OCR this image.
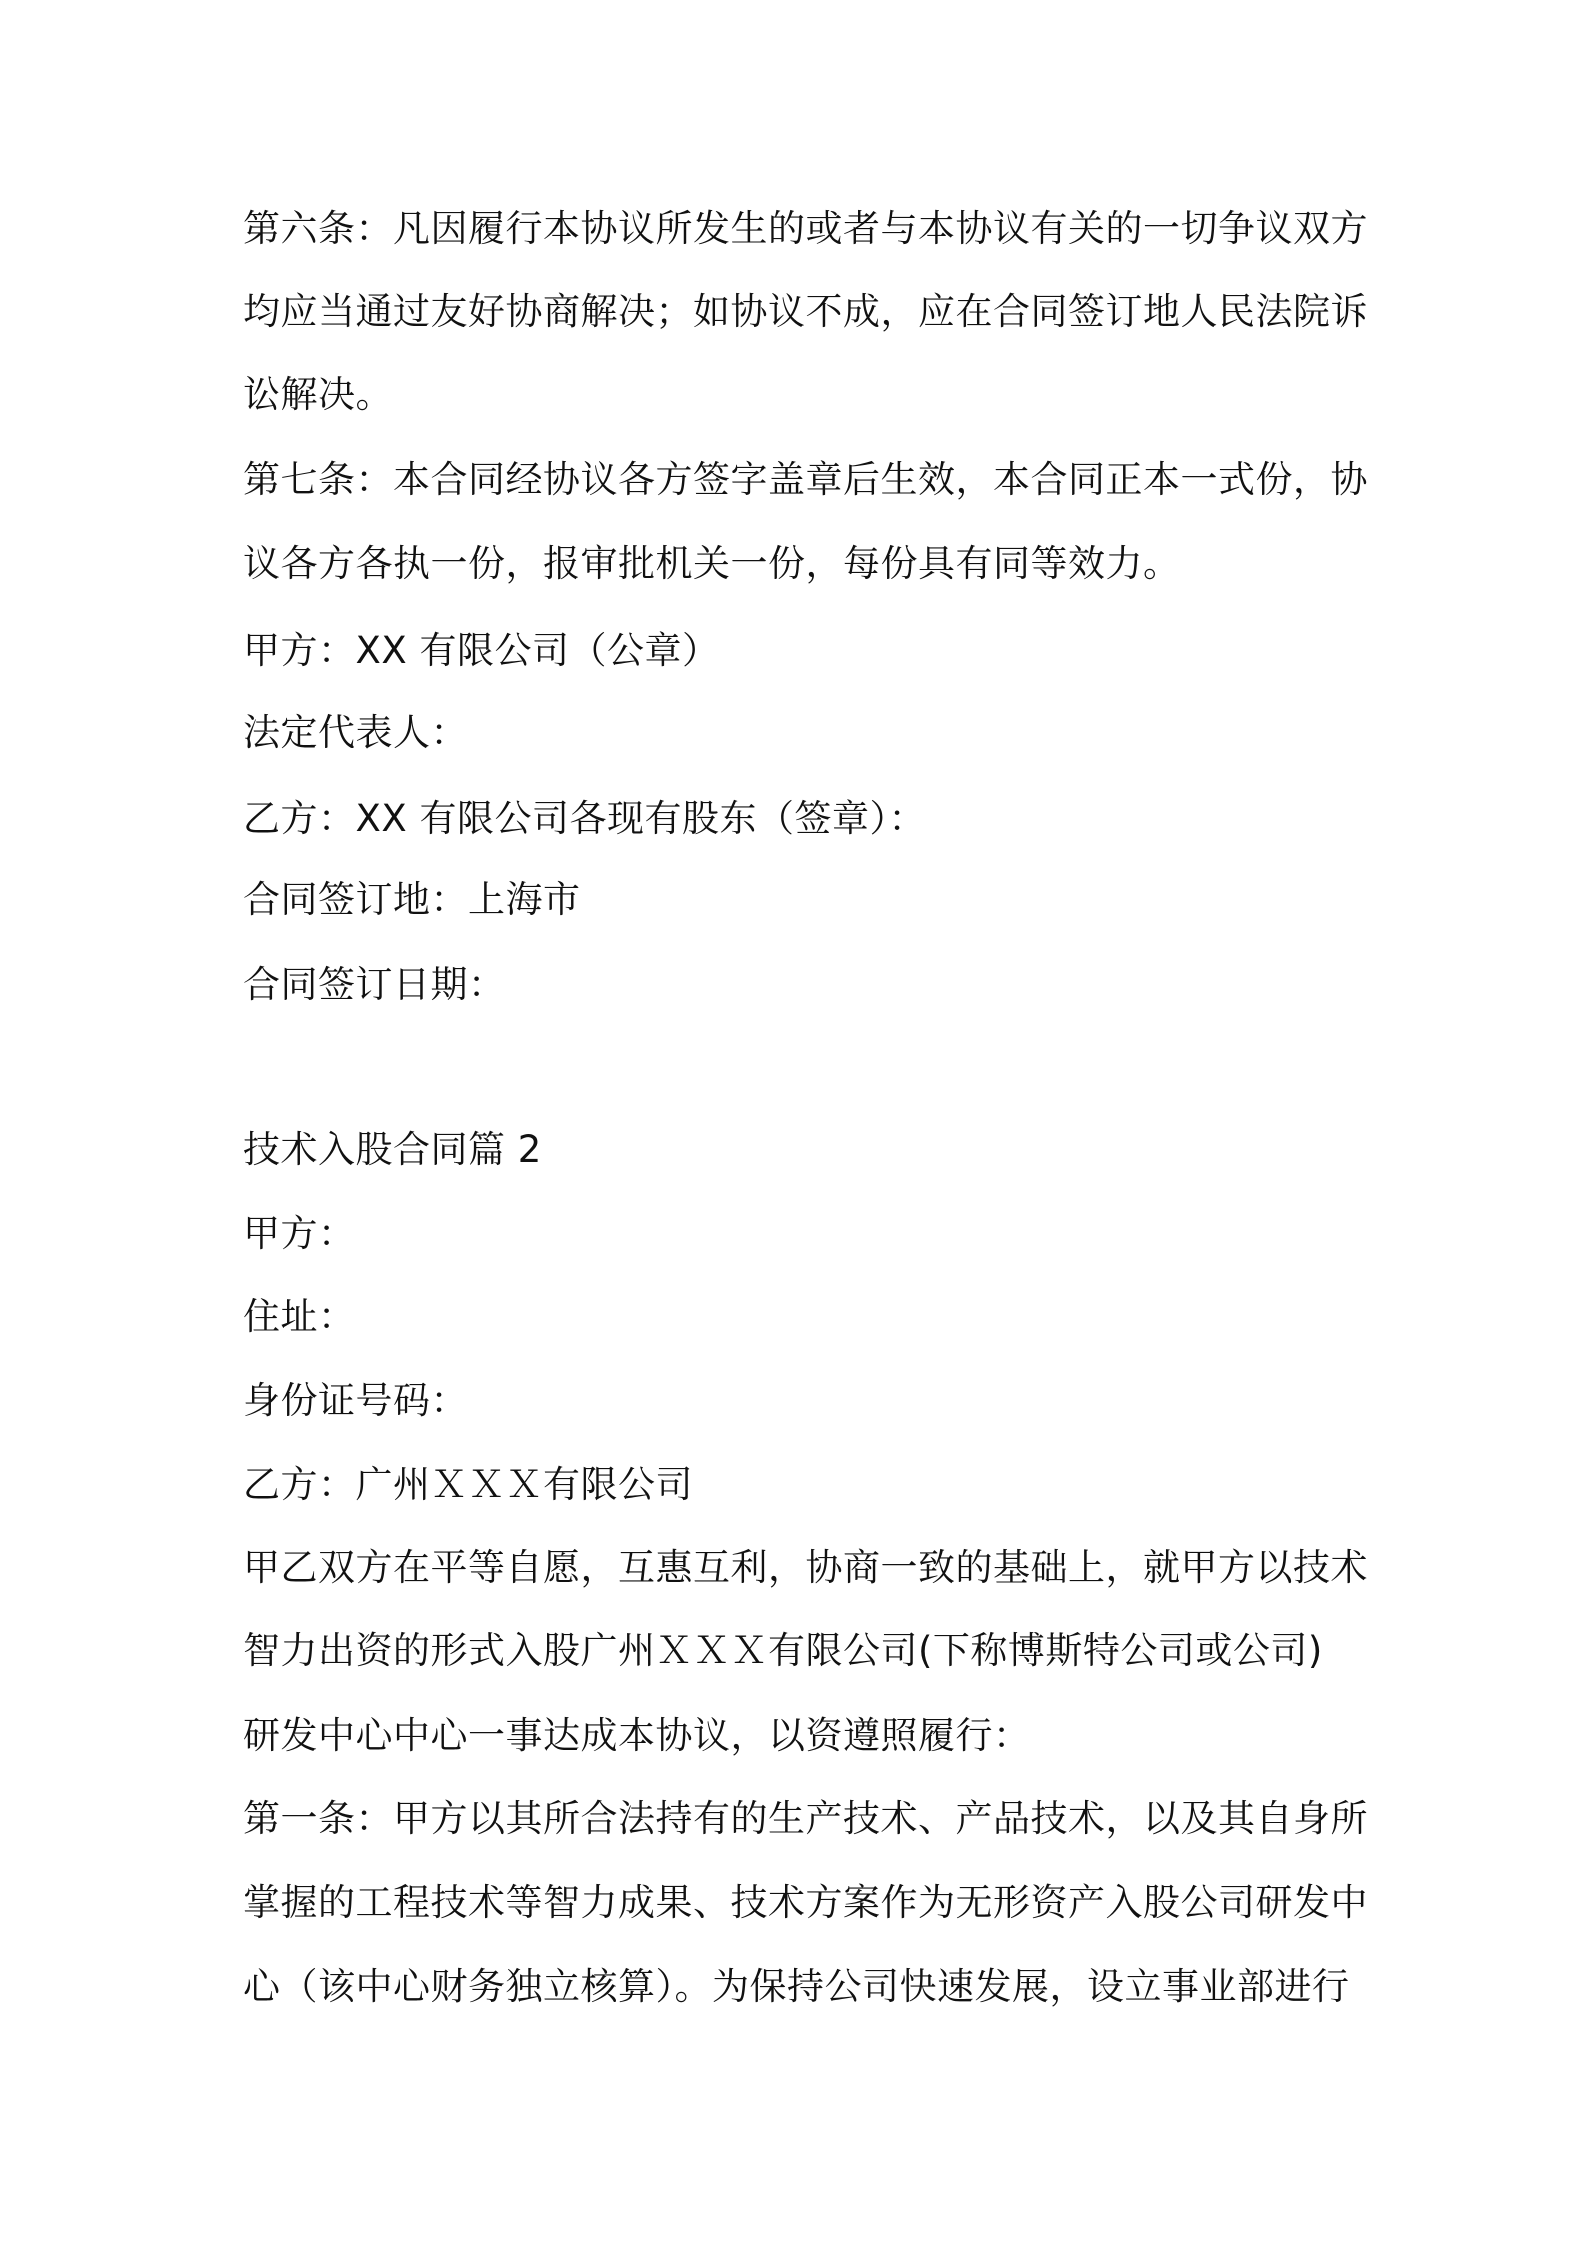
第六条：凡因履行本协议所发生的或者与本协议有关的一切争议双方
均应当通过友好协商解决；如协议不成，应在合同签订地人民法院诉
讼解决。
第七条：本合同经协议各方签字盖章后生效，本合同正本一式份，协
议各方各执一份，报审批机关一份，每份具有同等效力。
甲方：XX 有限公司（公章）
法定代表人：
乙方：XX 有限公司各现有股东（签章）：
合同签订地：上海市
合同签订日期：
技术入股合同篇 2
甲方：
住址：
身份证号码：
乙方：广州ＸＸＸ有限公司
甲乙双方在平等自愿，互惠互利，协商一致的基础上，就甲方以技术
智力出资的形式入股广州ＸＸＸ有限公司(下称博斯特公司或公司)
研发中心中心一事达成本协议，以资遵照履行：
第一条：甲方以其所合法持有的生产技术、产品技术，以及其自身所
掌握的工程技术等智力成果、技术方案作为无形资产入股公司研发中
心（该中心财务独立核算）。为保持公司快速发展，设立事业部进行
